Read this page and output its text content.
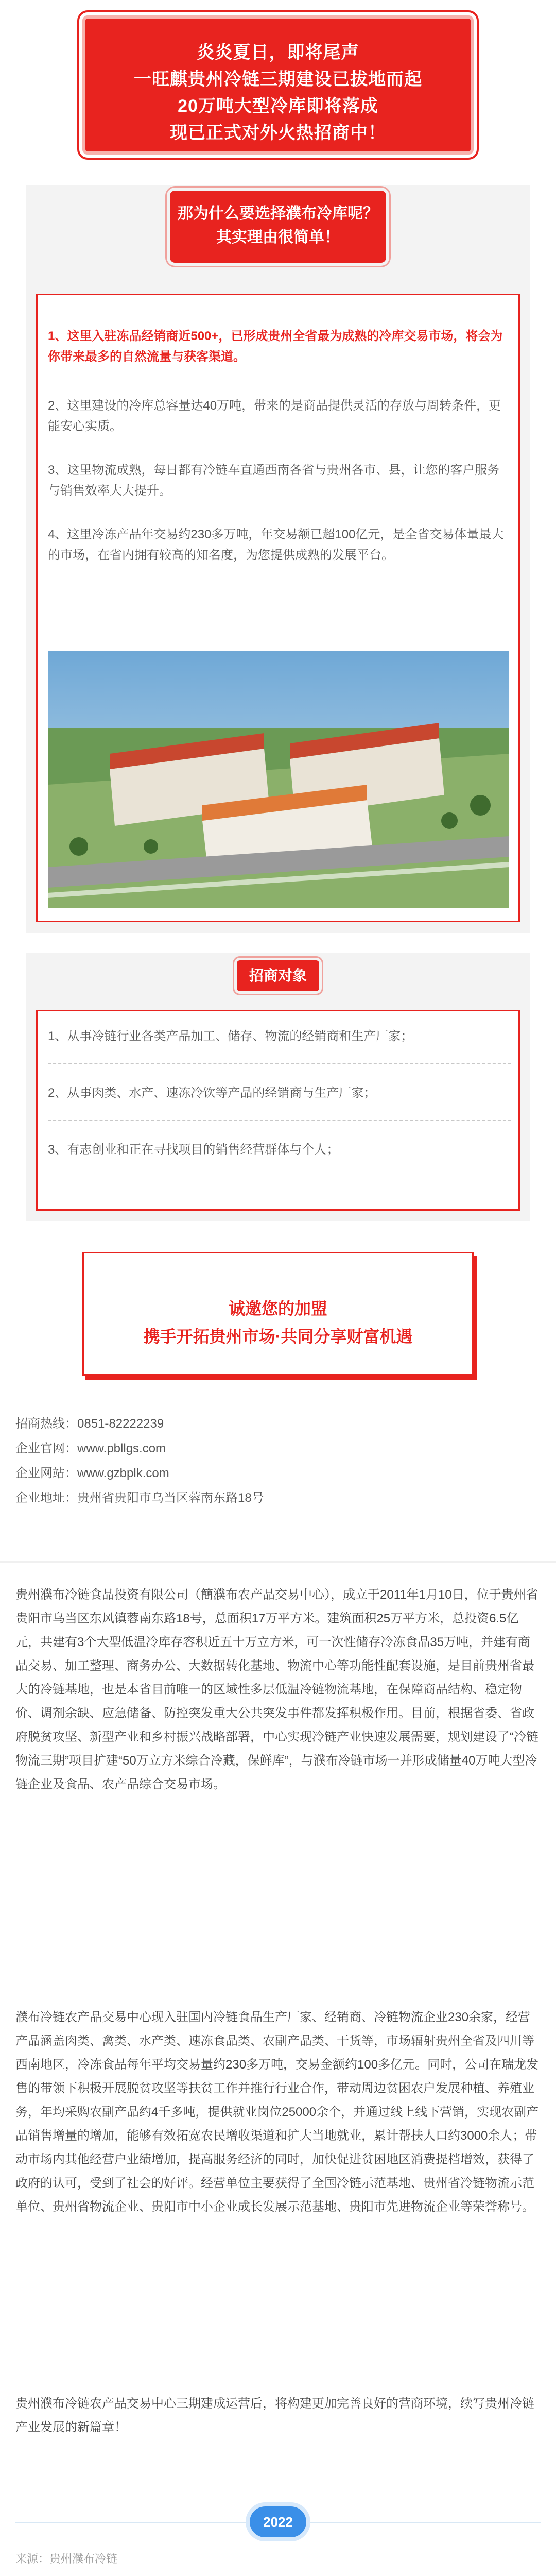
炎炎夏日，即将尾声
一旺麒贵州冷链三期建设已拔地而起
20万吨大型冷库即将落成
现已正式对外火热招商中！
那为什么要选择濮布冷库呢？
其实理由很简单！

1、这里入驻冻品经销商近500+，已形成贵州全省最为成熟的冷库交易市场，将会为你带来最多的自然流量与获客渠道。

2、这里建设的冷库总容量达40万吨，带来的是商品提供灵活的存放与周转条件，更能安心实质。

3、这里物流成熟，每日都有冷链车直通西南各省与贵州各市、县，让您的客户服务与销售效率大大提升。

4、这里冷冻产品年交易约230多万吨，年交易额已超100亿元，是全省交易体量最大的市场，在省内拥有较高的知名度，为您提供成熟的发展平台。

招商对象

1、从事冷链行业各类产品加工、储存、物流的经销商和生产厂家；

2、从事肉类、水产、速冻冷饮等产品的经销商与生产厂家；

3、有志创业和正在寻找项目的销售经营群体与个人；

诚邀您的加盟
携手开拓贵州市场·共同分享财富机遇
招商热线：0851-82222239
企业官网：www.pbllgs.com
企业网站：www.gzbplk.com
企业地址：贵州省贵阳市乌当区蓉南东路18号

贵州濮布冷链食品投资有限公司（簡濮布农产品交易中心），成立于2011年1月10日，位于贵州省贵阳市乌当区东风镇蓉南东路18号，总面积17万平方米。建筑面积25万平方米，总投资6.5亿元，共建有3个大型低温冷库存容积近五十万立方米，可一次性储存冷冻食品35万吨，并建有商品交易、加工整理、商务办公、大数据转化基地、物流中心等功能性配套设施，是目前贵州省最大的冷链基地，也是本省目前唯一的区域性多层低温冷链物流基地，在保障商品结构、稳定物价、调剂余缺、应急储备、防控突发重大公共突发事件都发挥积极作用。目前，根据省委、省政府脱贫攻坚、新型产业和乡村振兴战略部署，中心实现冷链产业快速发展需要，规划建设了“冷链物流三期”项目扩建“50万立方米综合冷藏，保鲜库”，与濮布冷链市场一并形成储量40万吨大型冷链企业及食品、农产品综合交易市场。

濮布冷链农产品交易中心现入驻国内冷链食品生产厂家、经销商、冷链物流企业230余家，经营产品涵盖肉类、禽类、水产类、速冻食品类、农副产品类、干货等，市场辐射贵州全省及四川等西南地区，冷冻食品每年平均交易量约230多万吨，交易金额约100多亿元。同时，公司在瑞龙发售的带领下积极开展脱贫攻坚等扶贫工作并推行行业合作，带动周边贫困农户发展种植、养殖业务，年均采购农副产品约4千多吨，提供就业岗位25000余个，并通过线上线下营销，实现农副产品销售增量的增加，能够有效拓宽农民增收渠道和扩大当地就业，累计帮扶人口约3000余人；带动市场内其他经营户业绩增加，提高服务经济的同时，加快促进贫困地区消费提档增效，获得了政府的认可，受到了社会的好评。经营单位主要获得了全国冷链示范基地、贵州省冷链物流示范单位、贵州省物流企业、贵阳市中小企业成长发展示范基地、贵阳市先进物流企业等荣誉称号。

贵州濮布冷链农产品交易中心三期建成运营后，将构建更加完善良好的营商环境，续写贵州冷链产业发展的新篇章！

2022
来源：贵州濮布冷链
